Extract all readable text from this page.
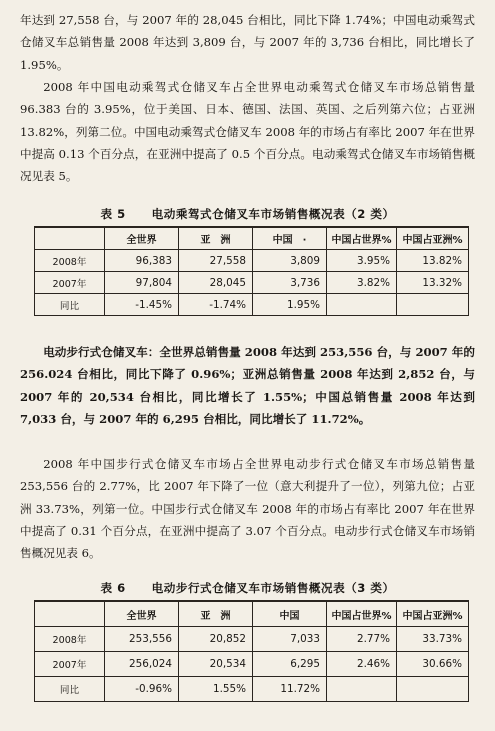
年达到 27,558 台，与 2007 年的 28,045 台相比，同比下降 1.74%；中国电动乘驾式仓储叉车总销售量 2008 年达到 3,809 台，与 2007 年的 3,736 台相比，同比增长了 1.95%。

2008 年中国电动乘驾式仓储叉车占全世界电动乘驾式仓储叉车市场总销售量 96.383 台的 3.95%，位于美国、日本、德国、法国、英国、之后列第六位；占亚洲 13.82%，列第二位。中国电动乘驾式仓储叉车 2008 年的市场占有率比 2007 年在世界中提高 0.13 个百分点，在亚洲中提高了 0.5 个百分点。电动乘驾式仓储叉车市场销售概况见表 5。

表 5 电动乘驾式仓储叉车市场销售概况表（2 类）
	全世界	亚　洲	中国　·	中国占世界%	中国占亚洲%
2008年	96,383	27,558	3,809	3.95%	13.82%
2007年	97,804	28,045	3,736	3.82%	13.32%
同比	-1.45%	-1.74%	1.95%		

电动步行式仓储叉车：全世界总销售量 2008 年达到 253,556 台，与 2007 年的 256.024 台相比，同比下降了 0.96%；亚洲总销售量 2008 年达到 2,852 台，与 2007 年的 20,534 台相比，同比增长了 1.55%；中国总销售量 2008 年达到 7,033 台，与 2007 年的 6,295 台相比，同比增长了 11.72%。

2008 年中国步行式仓储叉车市场占全世界电动步行式仓储叉车市场总销售量 253,556 台的 2.77%，比 2007 年下降了一位（意大利提升了一位），列第九位；占亚洲 33.73%，列第一位。中国步行式仓储叉车 2008 年的市场占有率比 2007 年在世界中提高了 0.31 个百分点，在亚洲中提高了 3.07 个百分点。电动步行式仓储叉车市场销售概况见表 6。

表 6 电动步行式仓储叉车市场销售概况表（3 类）
	全世界	亚　洲	中国	中国占世界%	中国占亚洲%
2008年	253,556	20,852	7,033	2.77%	33.73%
2007年	256,024	20,534	6,295	2.46%	30.66%
同比	-0.96%	1.55%	11.72%		
